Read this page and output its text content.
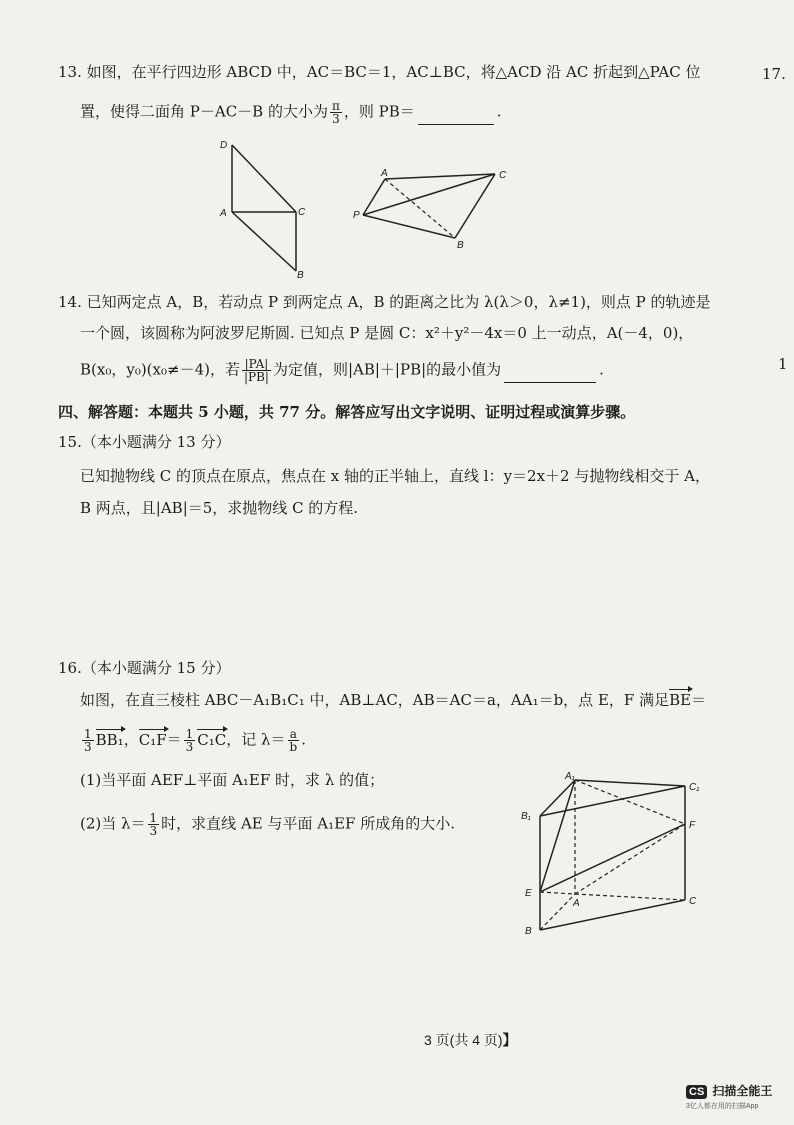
13. 如图，在平行四边形 ABCD 中，AC＝BC＝1，AC⊥BC，将△ACD 沿 AC 折起到△PAC 位
置，使得二面角 P－AC－B 的大小为 $\frac{\pi}{3}$ ，则 PB＝	.
D
A	C
B
A	C
P
B
14. 已知两定点 A，B，若动点 P 到两定点 A，B 的距离之比为 λ(λ＞0，λ≠1)，则点 P 的轨迹是
一个圆，该圆称为阿波罗尼斯圆. 已知点 P 是圆 C：x²＋y²－4x＝0 上一动点，A(－4，0)，
B(x₀，y₀)(x₀≠－4)，若 $\frac{|PA|}{|PB|}$ 为定值，则|AB|＋|PB|的最小值为	.
四、解答题：本题共 5 小题，共 77 分。解答应写出文字说明、证明过程或演算步骤。
15.（本小题满分 13 分）
已知抛物线 C 的顶点在原点，焦点在 x 轴的正半轴上，直线 l：y＝2x＋2 与抛物线相交于 A，
B 两点，且|AB|＝5，求抛物线 C 的方程.
16.（本小题满分 15 分）
如图，在直三棱柱 ABC－A₁B₁C₁ 中，AB⊥AC，AB＝AC＝a，AA₁＝b，点 E，F 满足BE＝
$\frac{1}{3} BB_1$，$C_1F= \frac{1}{3} C_1C$，记 $\lambda= \frac{a}{b}$ .
(1)当平面 AEF⊥平面 A₁EF 时，求 λ 的值；
(2)当 $\lambda= \frac{1}{3}$ 时，求直线 AE 与平面 A₁EF 所成角的大小.
A₁
C₁
B₁
F
E
A	C
B
17.
1
3 页(共 4 页)】
CS 扫描全能王
3亿人都在用的扫描App
